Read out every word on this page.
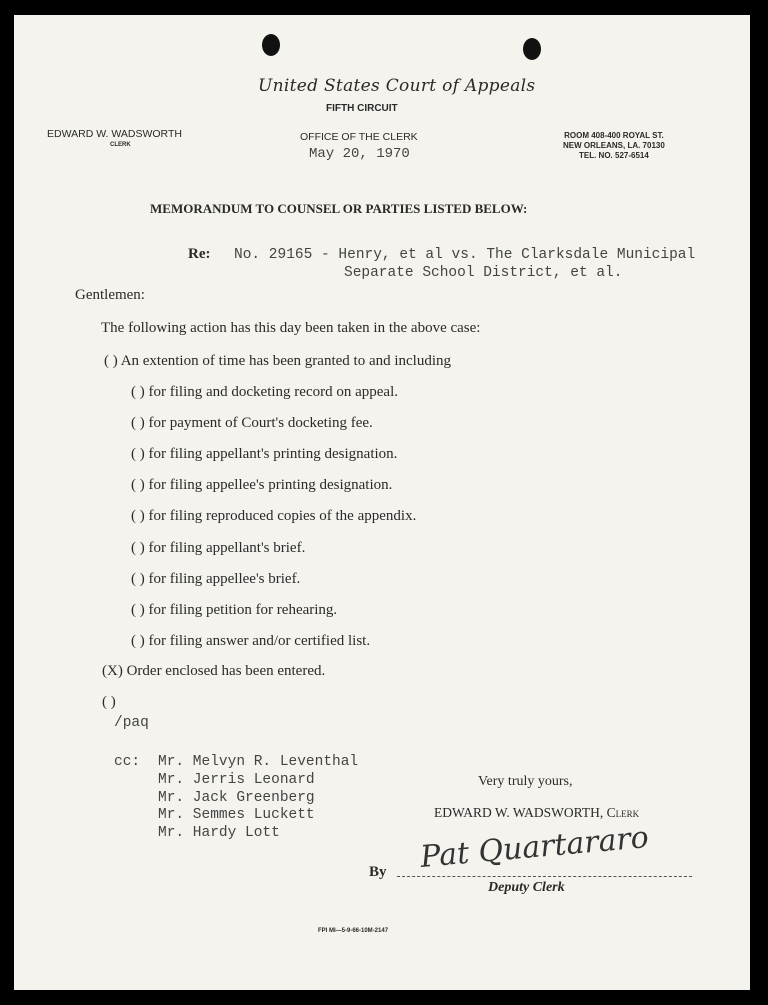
United States Court of Appeals
FIFTH CIRCUIT
EDWARD W. WADSWORTH
CLERK
OFFICE OF THE CLERK
May 20, 1970
ROOM 408-400 ROYAL ST.
NEW ORLEANS, LA. 70130
TEL. NO. 527-6514
MEMORANDUM TO COUNSEL OR PARTIES LISTED BELOW:
Re: No. 29165 - Henry, et al vs. The Clarksdale Municipal
Separate School District, et al.
Gentlemen:
The following action has this day been taken in the above case:
( ) An extention of time has been granted to and including
( ) for filing and docketing record on appeal.
( ) for payment of Court's docketing fee.
( ) for filing appellant's printing designation.
( ) for filing appellee's printing designation.
( ) for filing reproduced copies of the appendix.
( ) for filing appellant's brief.
( ) for filing appellee's brief.
( ) for filing petition for rehearing.
( ) for filing answer and/or certified list.
(X) Order enclosed has been entered.
( )
/paq
cc: Mr. Melvyn R. Leventhal
Mr. Jerris Leonard
Mr. Jack Greenberg
Mr. Semmes Luckett
Mr. Hardy Lott
Very truly yours,
EDWARD W. WADSWORTH, Clerk
Pat Quartararo
By
Deputy Clerk
FPI MI—5-9-66-10M-2147
